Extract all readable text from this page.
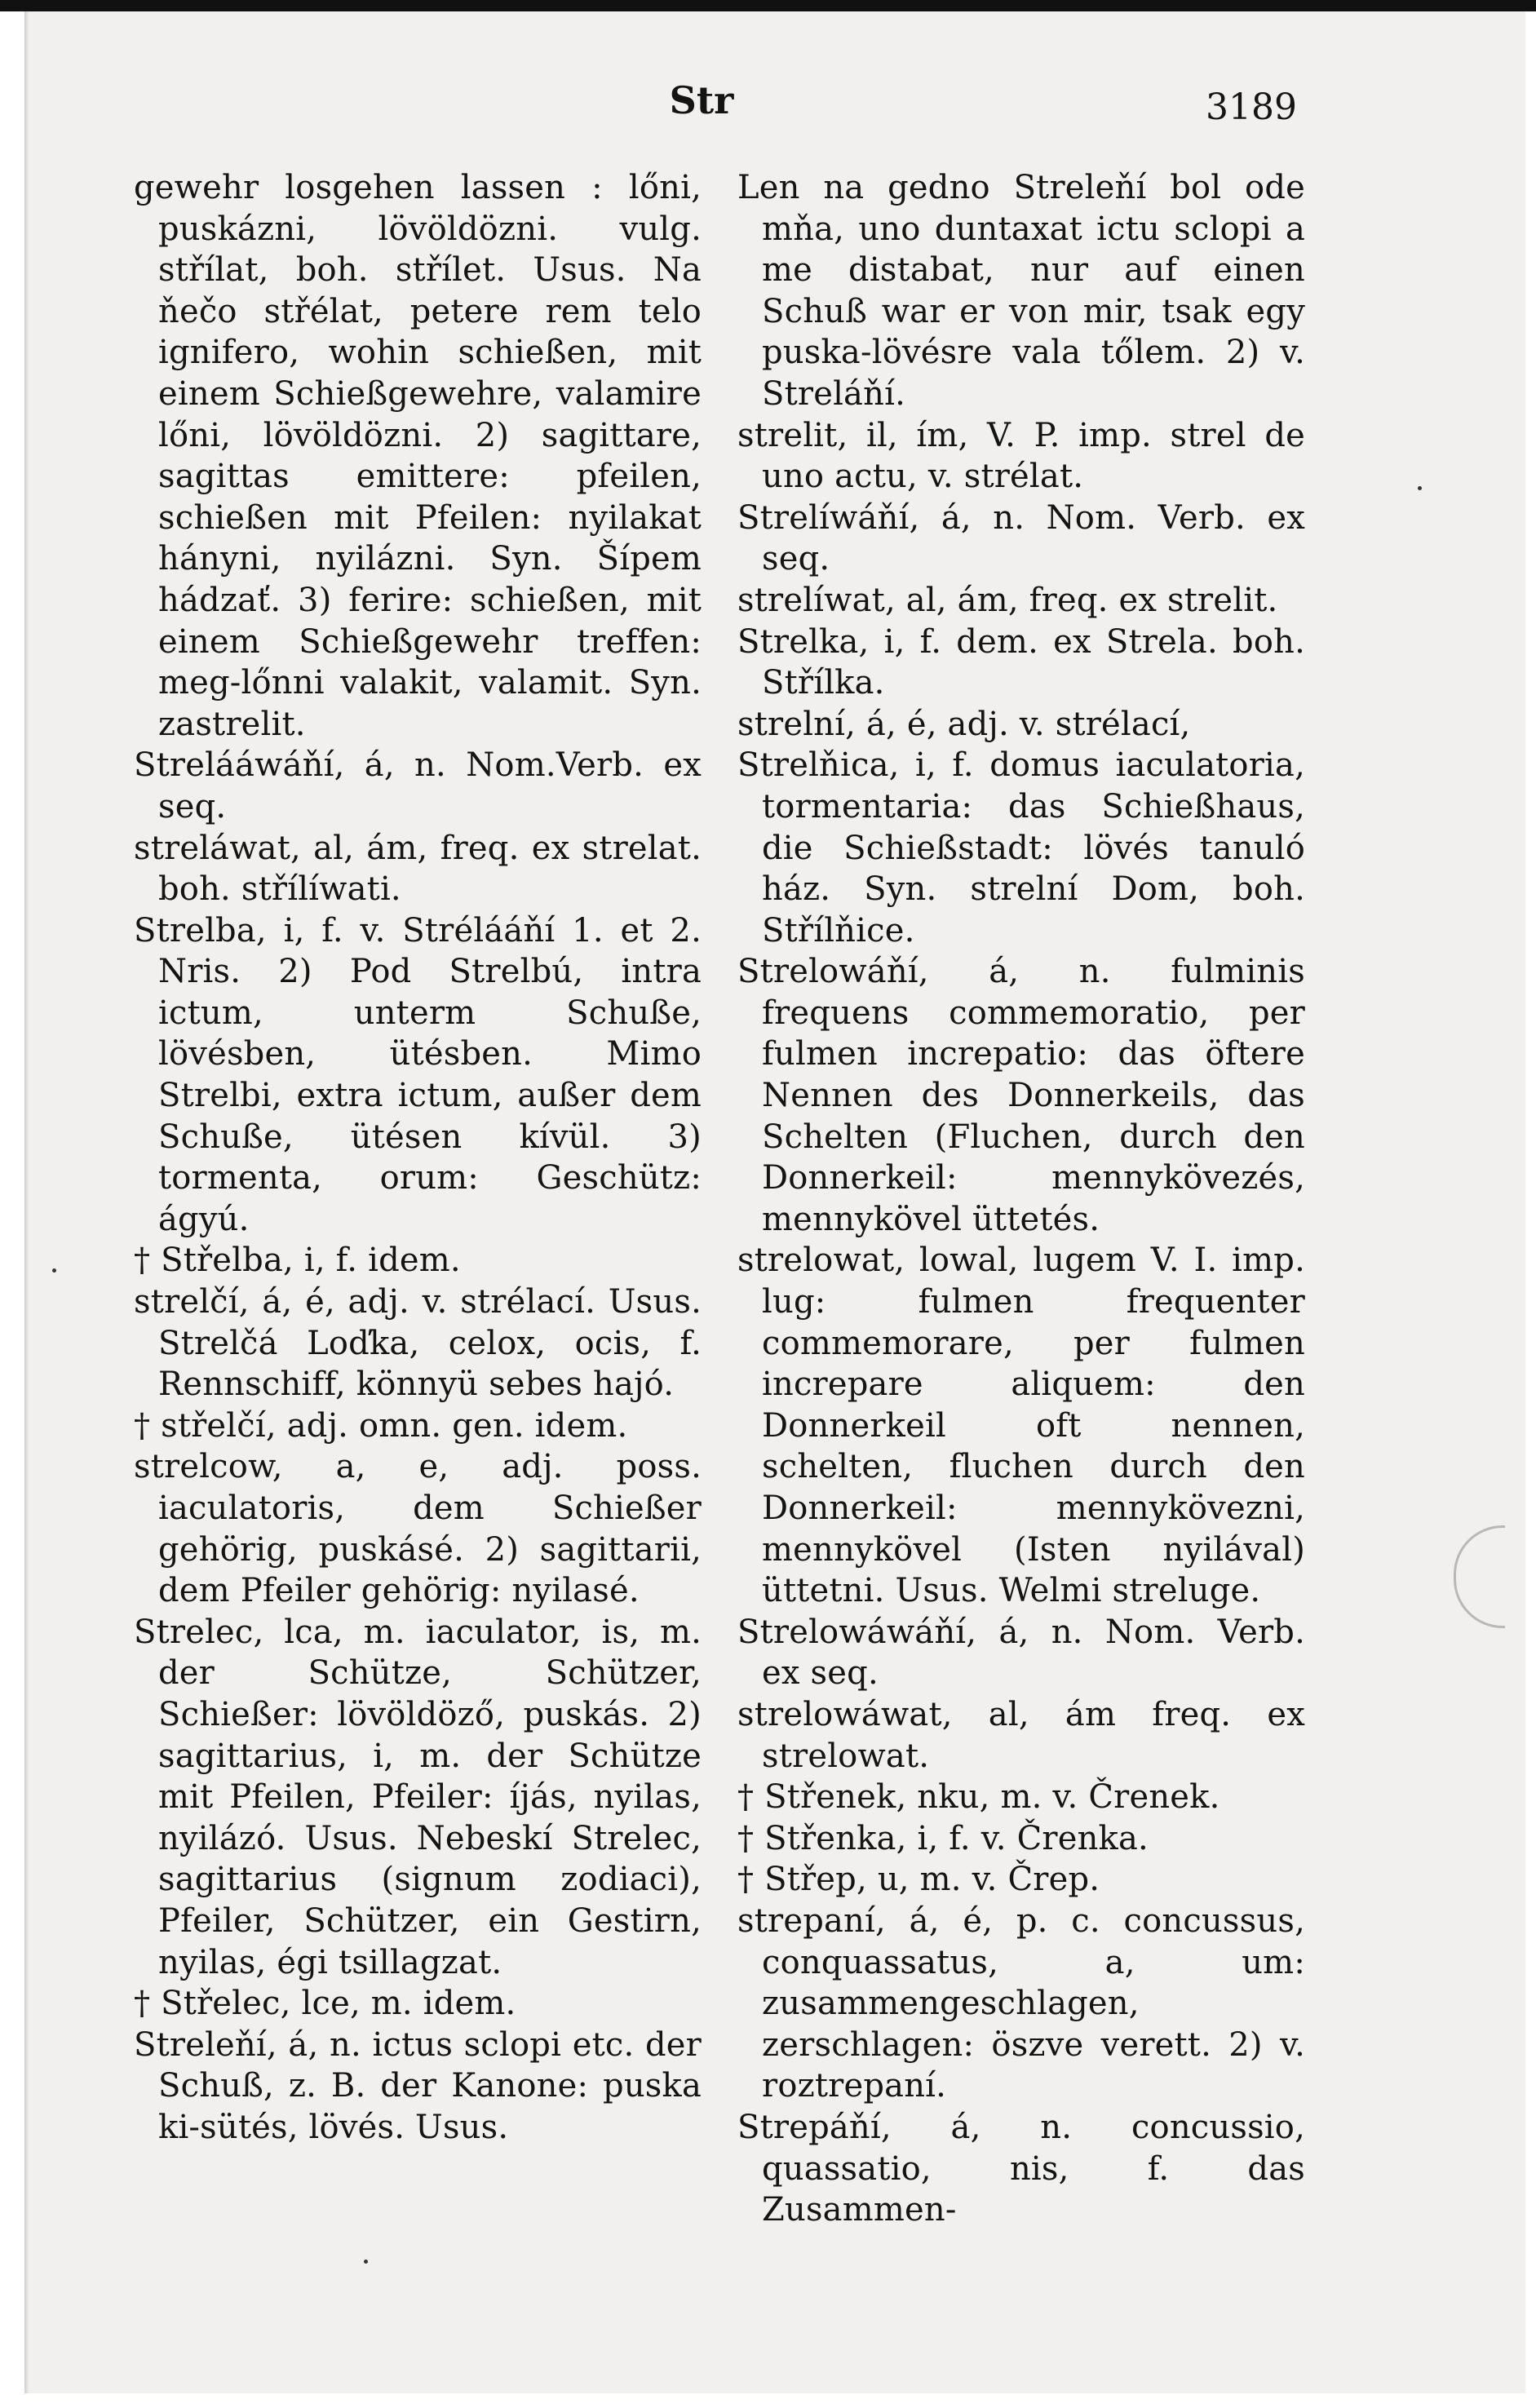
Str	3189

gewehr losgehen lassen : lőni, puskázni, lövöldözni. vulg. střílat, boh. střílet. Usus. Na ňečo střélat, petere rem telo ignifero, wohin schießen, mit einem Schießgewehre, valamire lőni, lövöldözni. 2) sagittare, sagittas emittere: pfeilen, schießen mit Pfeilen: nyilakat hányni, nyilázni. Syn. Šípem hádzať. 3) ferire: schießen, mit einem Schießgewehr treffen: meg-lőnni valakit, valamit. Syn. zastrelit.

Strelááwáňí, á, n. Nom.Verb. ex seq.

streláwat, al, ám, freq. ex strelat. boh. střílíwati.

Strelba, i, f. v. Strélááňí 1. et 2. Nris. 2) Pod Strelbú, intra ictum, unterm Schuße, lövésben, ütésben. Mimo Strelbi, extra ictum, außer dem Schuße, ütésen kívül. 3) tormenta, orum: Geschütz: ágyú.

† Střelba, i, f. idem.

strelčí, á, é, adj. v. strélací. Usus. Strelčá Loďka, celox, ocis, f. Rennschiff, könnyü sebes hajó.

† střelčí, adj. omn. gen. idem.

strelcow, a, e, adj. poss. iaculatoris, dem Schießer gehörig, puskásé. 2) sagittarii, dem Pfeiler gehörig: nyilasé.

Strelec, lca, m. iaculator, is, m. der Schütze, Schützer, Schießer: lövöldöző, puskás. 2) sagittarius, i, m. der Schütze mit Pfeilen, Pfeiler: íjás, nyilas, nyilázó. Usus. Nebeskí Strelec, sagittarius (signum zodiaci), Pfeiler, Schützer, ein Gestirn, nyilas, égi tsillagzat.

† Střelec, lce, m. idem.

Streleňí, á, n. ictus sclopi etc. der Schuß, z. B. der Kanone: puska ki-sütés, lövés. Usus.

Len na gedno Streleňí bol ode mňa, uno duntaxat ictu sclopi a me distabat, nur auf einen Schuß war er von mir, tsak egy puska-lövésre vala tőlem. 2) v. Streláňí.

strelit, il, ím, V. P. imp. strel de uno actu, v. strélat.

Strelíwáňí, á, n. Nom. Verb. ex seq.

strelíwat, al, ám, freq. ex strelit.

Strelka, i, f. dem. ex Strela. boh. Střílka.

strelní, á, é, adj. v. strélací,

Strelňica, i, f. domus iaculatoria, tormentaria: das Schießhaus, die Schießstadt: lövés tanuló ház. Syn. strelní Dom, boh. Střílňice.

Strelowáňí, á, n. fulminis frequens commemoratio, per fulmen increpatio: das öftere Nennen des Donnerkeils, das Schelten (Fluchen, durch den Donnerkeil: mennykövezés, mennykövel üttetés.

strelowat, lowal, lugem V. I. imp. lug: fulmen frequenter commemorare, per fulmen increpare aliquem: den Donnerkeil oft nennen, schelten, fluchen durch den Donnerkeil: mennykövezni, mennykövel (Isten nyilával) üttetni. Usus. Welmi streluge.

Strelowáwáňí, á, n. Nom. Verb. ex seq.

strelowáwat, al, ám freq. ex strelowat.

† Střenek, nku, m. v. Črenek.

† Střenka, i, f. v. Črenka.

† Střep, u, m. v. Črep.

strepaní, á, é, p. c. concussus, conquassatus, a, um: zusammengeschlagen, zerschlagen: öszve verett. 2) v. roztrepaní.

Strepáňí, á, n. concussio, quassatio, nis, f. das Zusammen-
